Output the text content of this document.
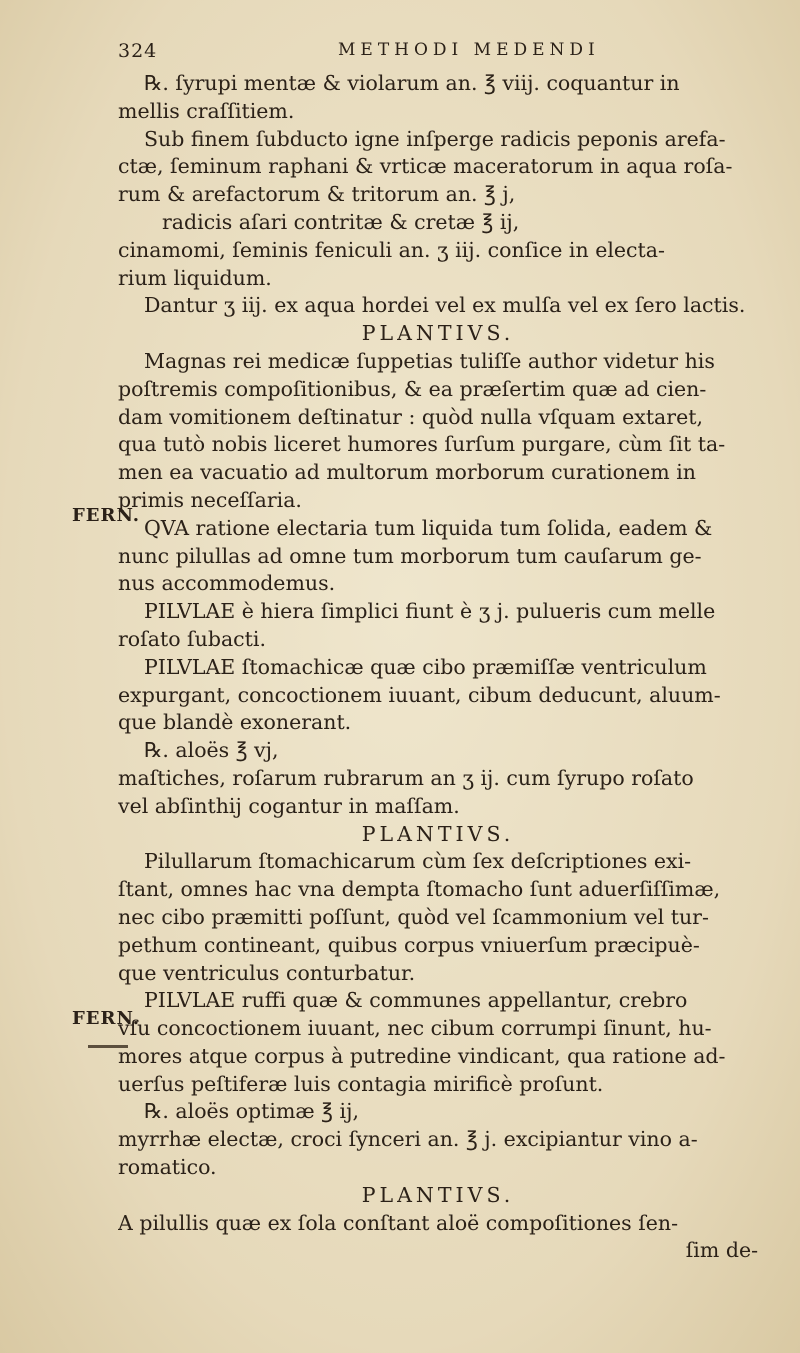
324	METHODI MEDENDI
FERN.
FERN.
℞. ſyrupi mentæ & violarum an. ℥ viij. coquantur in
mellis craſſitiem.
Sub finem ſubducto igne inſperge radicis peponis arefa-
ctæ, ſeminum raphani & vrticæ maceratorum in aqua roſa-
rum & arefactorum & tritorum an. ℥ j,
radicis aſari contritæ & cretæ ℥ ij,
cinamomi, ſeminis feniculi an. ʒ iij. conſice in electa-
rium liquidum.
Dantur ʒ iij. ex aqua hordei vel ex mulſa vel ex ſero lactis.
PLANTIVS.
Magnas rei medicæ ſuppetias tuliſſe author videtur his
poſtremis compoſitionibus, & ea præſertim quæ ad cien-
dam vomitionem deſtinatur : quòd nulla vſquam extaret,
qua tutò nobis liceret humores ſurſum purgare, cùm ſit ta-
men ea vacuatio ad multorum morborum curationem in
primis neceſſaria.
QVA ratione electaria tum liquida tum ſolida, eadem &
nunc pilullas ad omne tum morborum tum cauſarum ge-
nus accommodemus.
PILVLAE è hiera ſimplici fiunt è ʒ j. pulueris cum melle
roſato ſubacti.
PILVLAE ſtomachicæ quæ cibo præmiſſæ ventriculum
expurgant, concoctionem iuuant, cibum deducunt, aluum-
que blandè exonerant.
℞. aloës ℥ vj,
maſtiches, roſarum rubrarum an ʒ ij. cum ſyrupo roſato
vel abſinthij cogantur in maſſam.
PLANTIVS.
Pilullarum ſtomachicarum cùm ſex deſcriptiones exi-
ſtant, omnes hac vna dempta ſtomacho ſunt aduerſiſſimæ,
nec cibo præmitti poſſunt, quòd vel ſcammonium vel tur-
pethum contineant, quibus corpus vniuerſum præcipuè-
que ventriculus conturbatur.
PILVLAE ruffi quæ & communes appellantur, crebro
vſu concoctionem iuuant, nec cibum corrumpi ſinunt, hu-
mores atque corpus à putredine vindicant, qua ratione ad-
uerſus peſtiferæ luis contagia mirificè proſunt.
℞. aloës optimæ ℥ ij,
myrrhæ electæ, croci ſynceri an. ℥ j. excipiantur vino a-
romatico.
PLANTIVS.
A pilullis quæ ex ſola conſtant aloë compoſitiones ſen-
ſim de-
